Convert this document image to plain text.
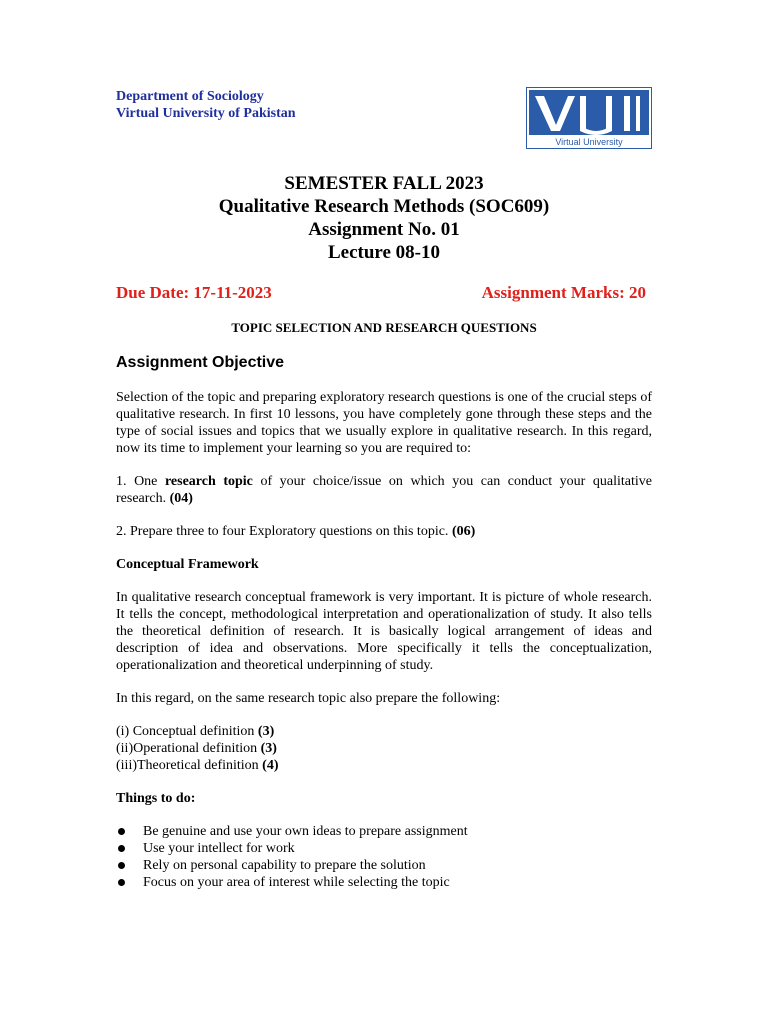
Department of Sociology
Virtual University of Pakistan
Virtual University
SEMESTER FALL 2023
Qualitative Research Methods (SOC609)
Assignment No. 01
Lecture 08-10
Due Date: 17-11-2023	Assignment Marks: 20
TOPIC SELECTION AND RESEARCH QUESTIONS
Assignment Objective

Selection of the topic and preparing exploratory research questions is one of the crucial steps of qualitative research. In first 10 lessons, you have completely gone through these steps and the type of social issues and topics that we usually explore in qualitative research. In this regard, now its time to implement your learning so you are required to:

1. One research topic of your choice/issue on which you can conduct your qualitative research. (04)

2. Prepare three to four Exploratory questions on this topic. (06)

Conceptual Framework

In qualitative research conceptual framework is very important. It is picture of whole research. It tells the concept, methodological interpretation and operationalization of study. It also tells the theoretical definition of research. It is basically logical arrangement of ideas and description of idea and observations. More specifically it tells the conceptualization, operationalization and theoretical underpinning of study.

In this regard, on the same research topic also prepare the following:

(i) Conceptual definition (3)

(ii)Operational definition (3)

(iii)Theoretical definition (4)

Things to do:

Be genuine and use your own ideas to prepare assignment
Use your intellect for work
Rely on personal capability to prepare the solution
Focus on your area of interest while selecting the topic
